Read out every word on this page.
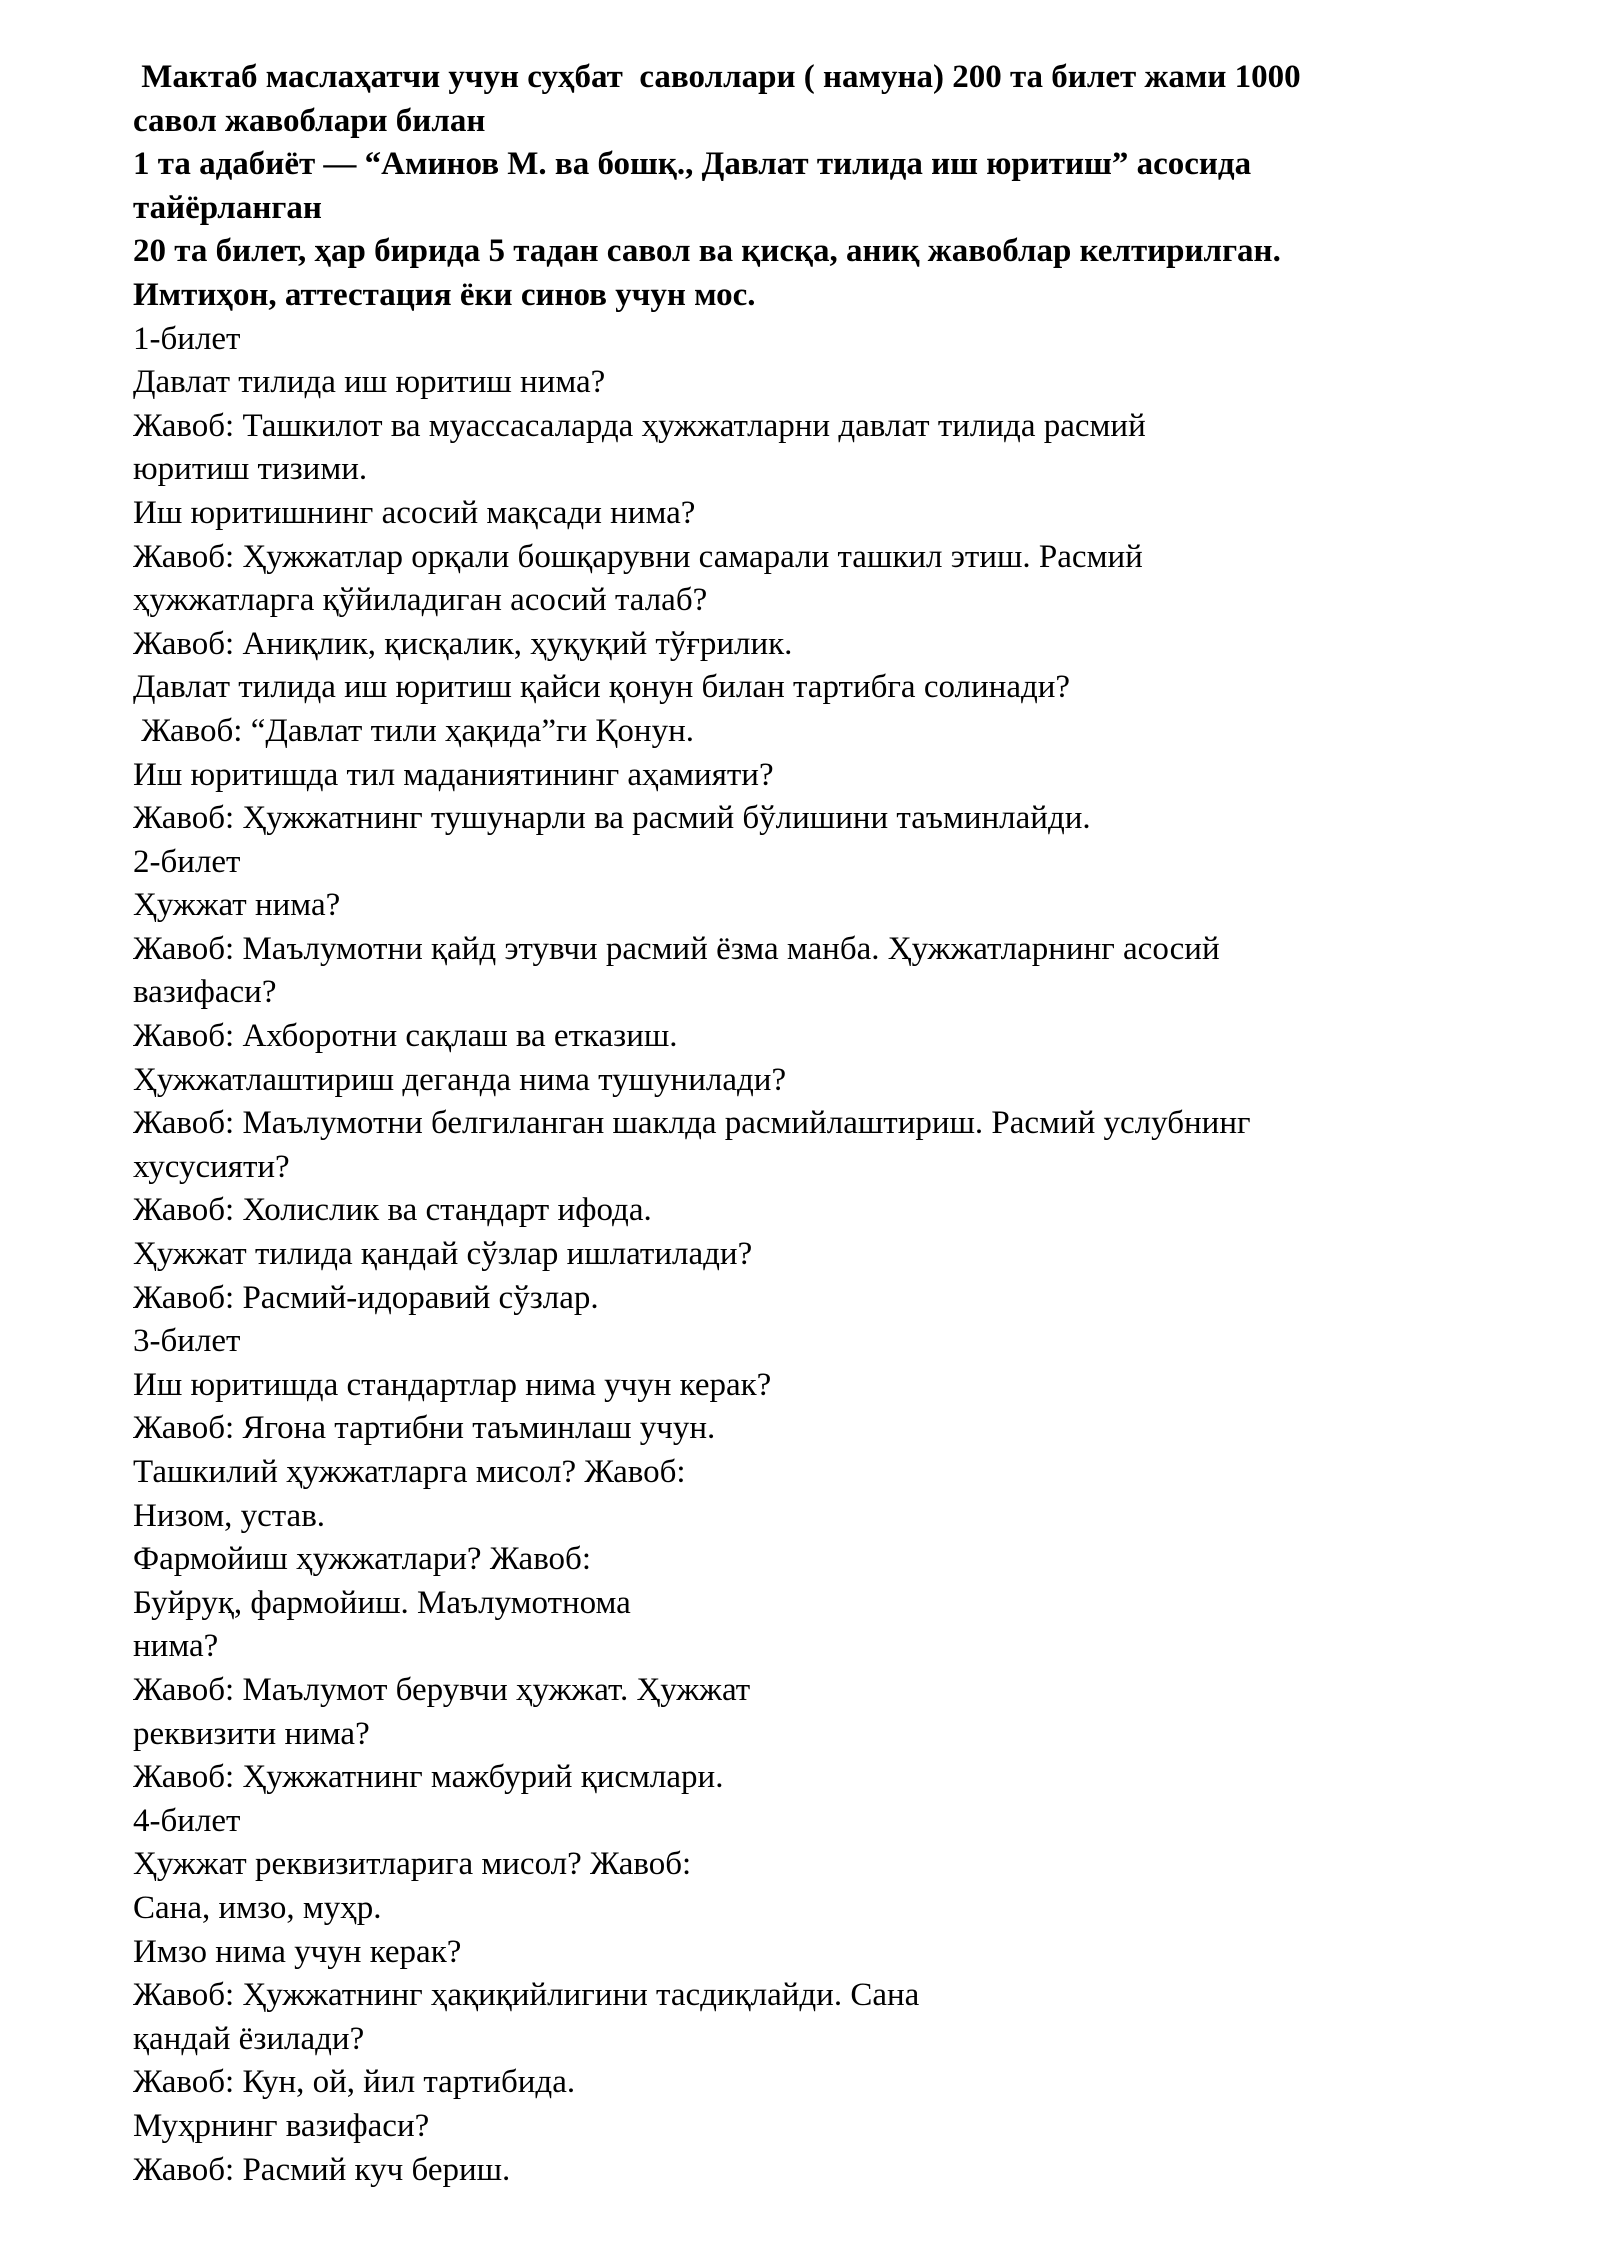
Мактаб маслаҳатчи учун суҳбат  саволлари ( намуна) 200 та билет жами 1000

савол жавоблари билан

1 та адабиёт — “Аминов М. ва бошқ., Давлат тилида иш юритиш” асосида

тайёрланган

20 та билет, ҳар бирида 5 тадан савол ва қисқа, аниқ жавоблар келтирилган.

Имтиҳон, аттестация ёки синов учун мос.

1-билет

Давлат тилида иш юритиш нима?

Жавоб: Ташкилот ва муассасаларда ҳужжатларни давлат тилида расмий

юритиш тизими.

Иш юритишнинг асосий мақсади нима?

Жавоб: Ҳужжатлар орқали бошқарувни самарали ташкил этиш. Расмий

ҳужжатларга қўйиладиган асосий талаб?

Жавоб: Аниқлик, қисқалик, ҳуқуқий тўғрилик.

Давлат тилида иш юритиш қайси қонун билан тартибга солинади?

Жавоб: “Давлат тили ҳақида”ги Қонун.

Иш юритишда тил маданиятининг аҳамияти?

Жавоб: Ҳужжатнинг тушунарли ва расмий бўлишини таъминлайди.

2-билет

Ҳужжат нима?

Жавоб: Маълумотни қайд этувчи расмий ёзма манба. Ҳужжатларнинг асосий

вазифаси?

Жавоб: Ахборотни сақлаш ва етказиш.

Ҳужжатлаштириш деганда нима тушунилади?

Жавоб: Маълумотни белгиланган шаклда расмийлаштириш. Расмий услубнинг

хусусияти?

Жавоб: Холислик ва стандарт ифода.

Ҳужжат тилида қандай сўзлар ишлатилади?

Жавоб: Расмий-идоравий сўзлар.

3-билет

Иш юритишда стандартлар нима учун керак?

Жавоб: Ягона тартибни таъминлаш учун.

Ташкилий ҳужжатларга мисол? Жавоб:

Низом, устав.

Фармойиш ҳужжатлари? Жавоб:

Буйруқ, фармойиш. Маълумотнома

нима?

Жавоб: Маълумот берувчи ҳужжат. Ҳужжат

реквизити нима?

Жавоб: Ҳужжатнинг мажбурий қисмлари.

4-билет

Ҳужжат реквизитларига мисол? Жавоб:

Сана, имзо, муҳр.

Имзо нима учун керак?

Жавоб: Ҳужжатнинг ҳақиқийлигини тасдиқлайди. Сана

қандай ёзилади?

Жавоб: Кун, ой, йил тартибида.

Муҳрнинг вазифаси?

Жавоб: Расмий куч бериш.
